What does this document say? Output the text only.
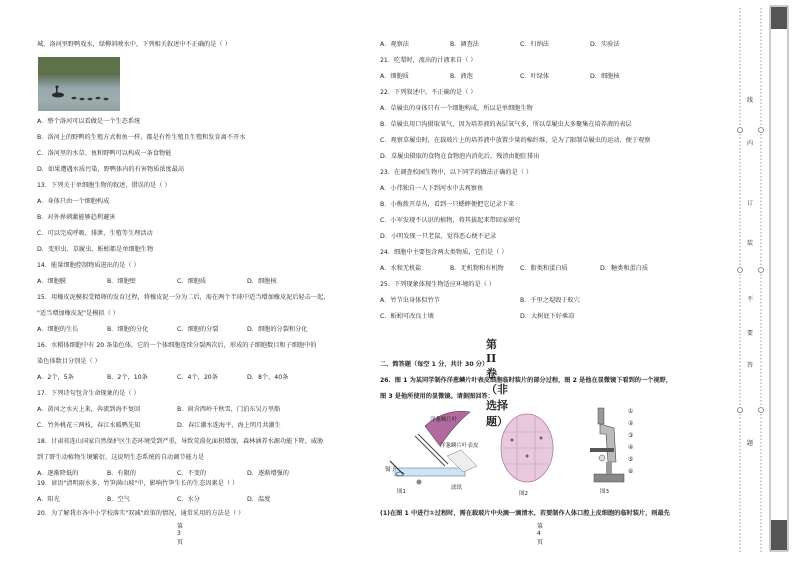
城，洛河里野鸭戏水，绿柳斜映水中，下列相关叙述中不正确的是（ ）
A．整个洛河可以看做是一个生态系统
B．洛河上的野鸭的生殖方式和鱼一样，都是有性生殖且生殖和发育离不开水
C．洛河里的水草、鱼和野鸭可以构成一条食物链
D．如果遭遇水质污染，野鸭体内的有害物质浓度最高
13．下列关于单细胞生物的叙述，错误的是（ ）
A．身体只由一个细胞构成
B．对外界刺激能够趋利避害
C．可以完成呼吸、排泄、生殖等生理活动
D．变形虫、草履虫、蚯蚓都是单细胞生物
14．能量细胞控制物质进出的是（ ）
A．细胞膜	B．细胞壁	C．细胞质	D．细胞核
15．用橡皮泥模拟受精卵的发育过程，将橡皮泥一分为二后，需在两个半球中适当增加橡皮泥后轻击一起，
"适当增加橡皮泥"是模拟（ ）
A．细胞的生长	B．细胞的分化	C．细胞的分裂	D．细胞的分裂和分化
16．水稻体细胞中有 20 条染色体，它的一个体细胞连续分裂两次后，形成的子细胞数目和子细胞中的
染色体数目分别是（ ）
A．2个，5条	B．2个，10条	C．4个，20条	D．8个，40条
17．下列诗句包含生命现象的是（ ）
A．黄河之水天上来，奔流到海不复回	B．窗含西岭千秋雪，门泊东吴万里船
C．竹外桃花三两枝，春江水暖鸭先知	D．春江潮水连海平，海上明月共潮生
18．甘肃祁连山国家自然保护区生态环境受到严重，导致荒漠化面积增加，森林涵养水源功能下降，威胁
到了野生动植物生境繁衍，这说明生态系统的自动调节能力是
A．逐渐降低的	B．有限的	C．不变的	D．逐渐增强的
19．谚语"清明雨水多，竹笋满山坡"中，影响竹笋生长的生态因素是（ ）
A．阳光	B．空气	C．水分	D．温度
20．为了解我市各中小学校落实"双减"政策的情况，通常采用的方法是（ ）
第3页
A．观察法	B．调查法	C．归纳法	D．实验法
21．吃梨时，流出的汁液来自（ ）
A．细胞质	B．液泡	C．叶绿体	D．细胞核
22．下列叙述中，不正确的是（ ）
A．草履虫的身体只有一个细胞构成，所以是单细胞生物
B．草履虫用口沟摄取氧气，因为培养液的表层氧气多，所以草履虫大多聚集在培养液的表层
C．观察草履虫时，在载玻片上的培养液中放置少量的棉纤维，是为了限制草履虫的运动，便于观察
D．草履虫摄取的食物在食物泡内消化后，残渣由胞肛排出
23．在调查校园生物中，以下同学的做法正确的是（ ）
A．小伟独自一人下到河水中去观察鱼
B．小梅拨开草丛，看到一只蟋蟀便把它记录下来
C．小军发现不认识的植物，将其拔起来带回家研究
D．小明发现一只老鼠，觉得恶心便不记录
24．细胞中主要包含两大类物质，它们是（ ）
A．水和无机盐	B．无机物和有机物	C．脂类和蛋白质	D．糖类和蛋白质
25．下列现象体现生物适应环境的是（ ）
A．竹节虫身体似竹节	B．千里之堤毁于蚁穴
C．蚯蚓可改良土壤	D．大树底下好乘凉
第 II 卷（非选择题）
二、简答题（每空 1 分，共计 30 分）
26．图 1 为某同学制作洋葱鳞片叶表皮细胞临时装片的部分过程，图 2 是他在显微镜下看到的一个视野，
图 3 是他所使用的显微镜。请据图回答：
洋葱鳞片叶
洋葱鳞片叶表皮
镊子
滤纸
图1	图2
①
②
③
④
⑤
⑥
图3
(1)在图 1 中进行①过程时，需在载玻片中央滴一滴清水，若要制作人体口腔上皮细胞的临时装片，则最先
第4页
线
内
订
装
不
要
答
题
